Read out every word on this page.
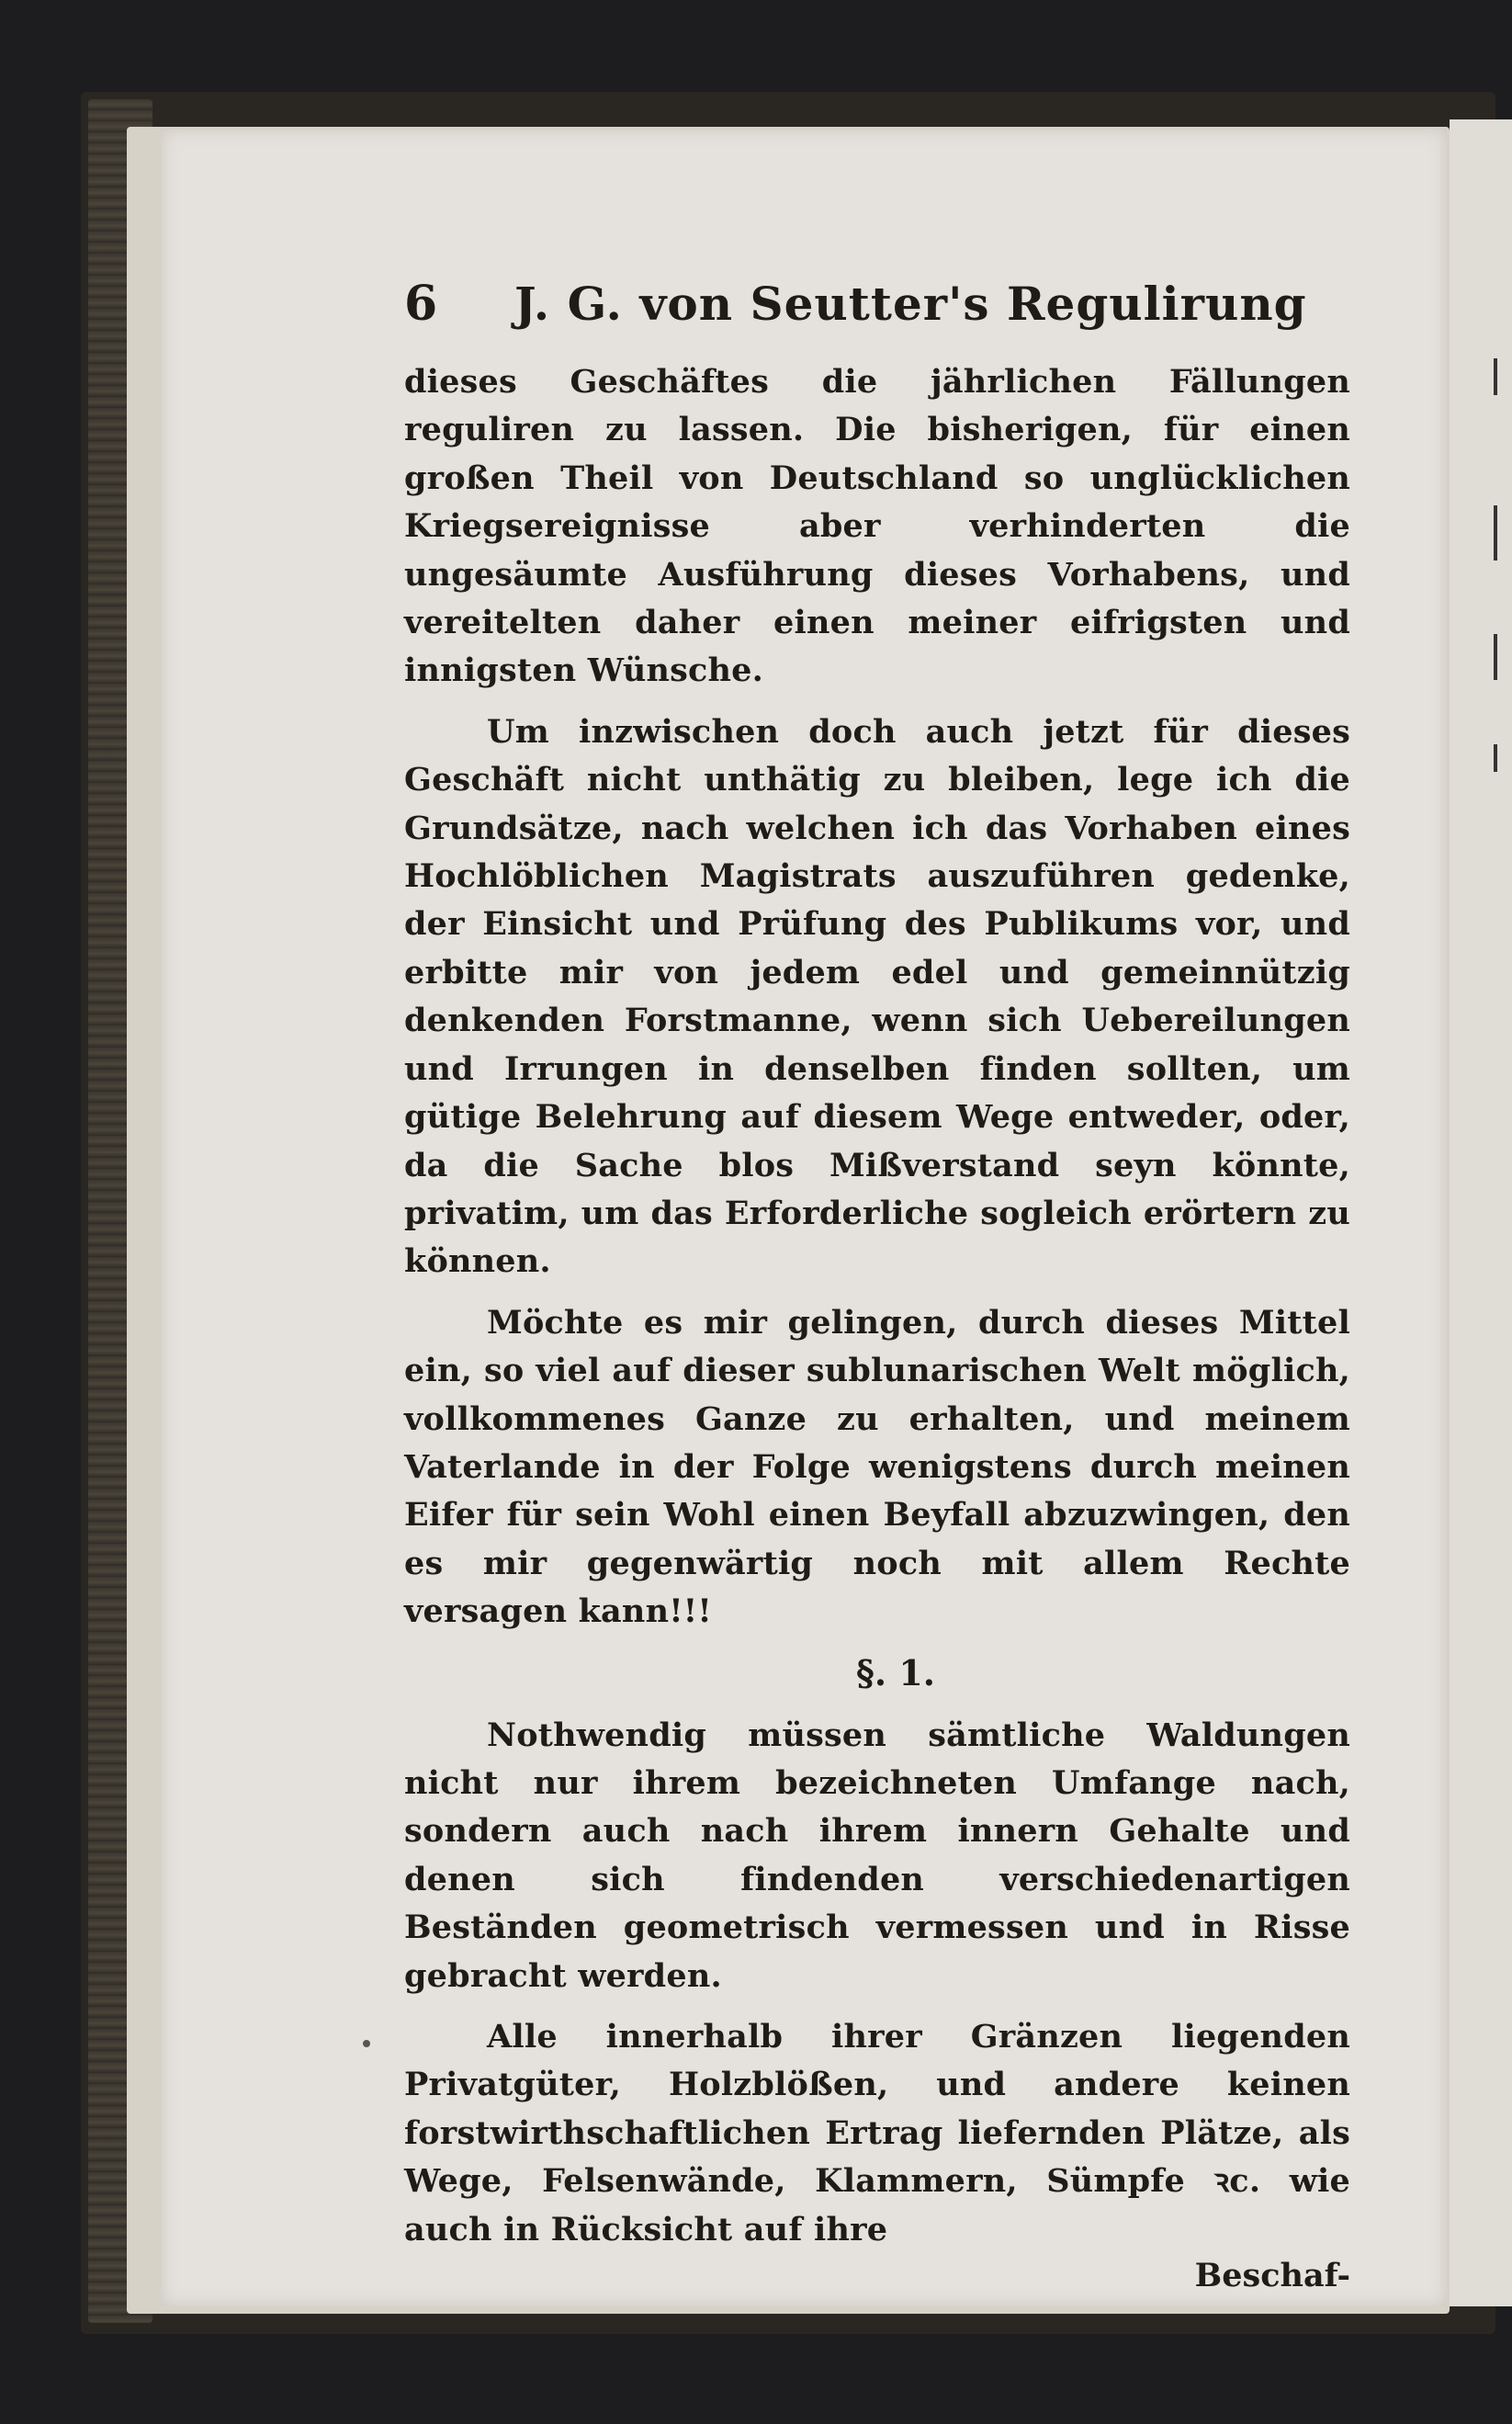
6	J. G. von Seutter's Regulirung

dieses Geschäftes die jährlichen Fällungen reguliren zu lassen. Die bisherigen, für einen großen Theil von Deutschland so unglücklichen Kriegsereignisse aber verhinderten die ungesäumte Ausführung dieses Vorhabens, und vereitelten daher einen meiner eifrigsten und innigsten Wünsche.

Um inzwischen doch auch jetzt für dieses Geschäft nicht unthätig zu bleiben, lege ich die Grundsätze, nach welchen ich das Vorhaben eines Hochlöblichen Magistrats auszuführen gedenke, der Einsicht und Prüfung des Publikums vor, und erbitte mir von jedem edel und gemeinnützig denkenden Forstmanne, wenn sich Uebereilungen und Irrungen in denselben finden sollten, um gütige Belehrung auf diesem Wege entweder, oder, da die Sache blos Mißverstand seyn könnte, privatim, um das Erforderliche sogleich erörtern zu können.

Möchte es mir gelingen, durch dieses Mittel ein, so viel auf dieser sublunarischen Welt möglich, vollkommenes Ganze zu erhalten, und meinem Vaterlande in der Folge wenigstens durch meinen Eifer für sein Wohl einen Beyfall abzuzwingen, den es mir gegenwärtig noch mit allem Rechte versagen kann!!!

§. 1.

Nothwendig müssen sämtliche Waldungen nicht nur ihrem bezeichneten Umfange nach, sondern auch nach ihrem innern Gehalte und denen sich findenden verschiedenartigen Beständen geometrisch vermessen und in Risse gebracht werden.

Alle innerhalb ihrer Gränzen liegenden Privatgüter, Holzblößen, und andere keinen forstwirthschaftlichen Ertrag liefernden Plätze, als Wege, Felsenwände, Klammern, Sümpfe ꝛc. wie auch in Rücksicht auf ihre

Beschaf-
